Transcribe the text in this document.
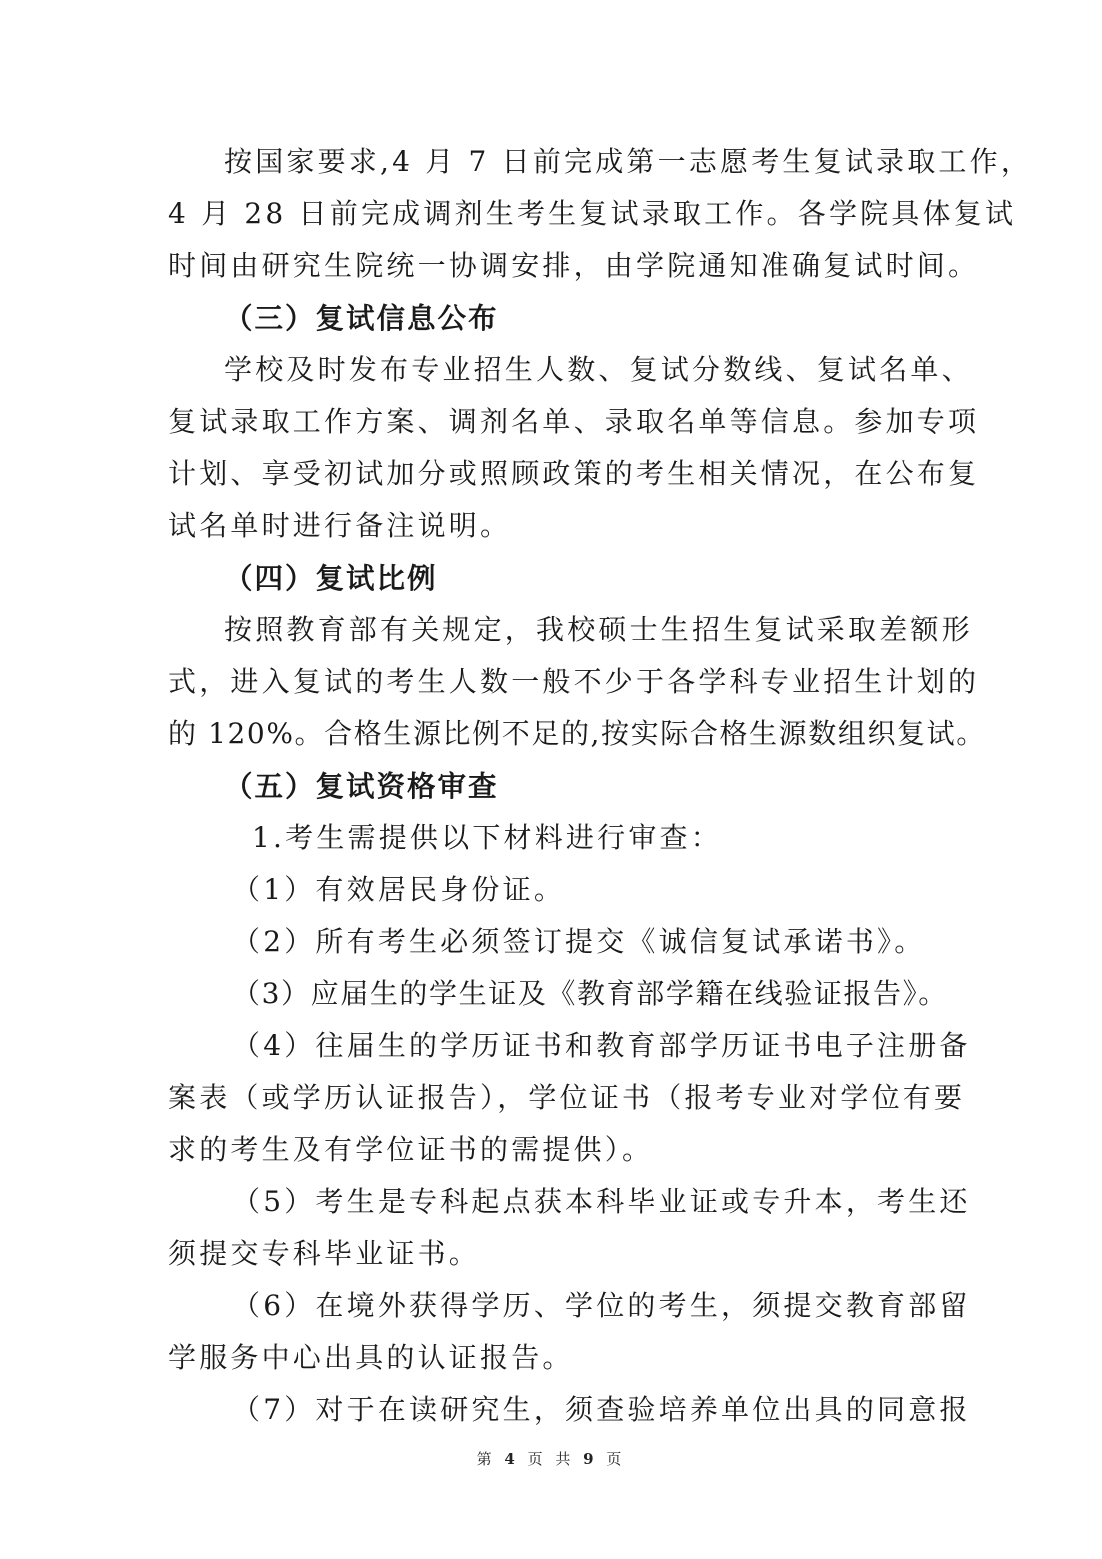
按国家要求,4 月 7 日前完成第一志愿考生复试录取工作，
4 月 28 日前完成调剂生考生复试录取工作。各学院具体复试
时间由研究生院统一协调安排，由学院通知准确复试时间。
（三）复试信息公布
学校及时发布专业招生人数、复试分数线、复试名单、
复试录取工作方案、调剂名单、录取名单等信息。参加专项
计划、享受初试加分或照顾政策的考生相关情况，在公布复
试名单时进行备注说明。
（四）复试比例
按照教育部有关规定，我校硕士生招生复试采取差额形
式，进入复试的考生人数一般不少于各学科专业招生计划的
的 120%。合格生源比例不足的,按实际合格生源数组织复试。
（五）复试资格审查
1.考生需提供以下材料进行审查：
（1）有效居民身份证。
（2）所有考生必须签订提交《诚信复试承诺书》。
（3）应届生的学生证及《教育部学籍在线验证报告》。
（4）往届生的学历证书和教育部学历证书电子注册备
案表（或学历认证报告），学位证书（报考专业对学位有要
求的考生及有学位证书的需提供）。
（5）考生是专科起点获本科毕业证或专升本，考生还
须提交专科毕业证书。
（6）在境外获得学历、学位的考生，须提交教育部留
学服务中心出具的认证报告。
（7）对于在读研究生，须查验培养单位出具的同意报
第 4 页 共 9 页
